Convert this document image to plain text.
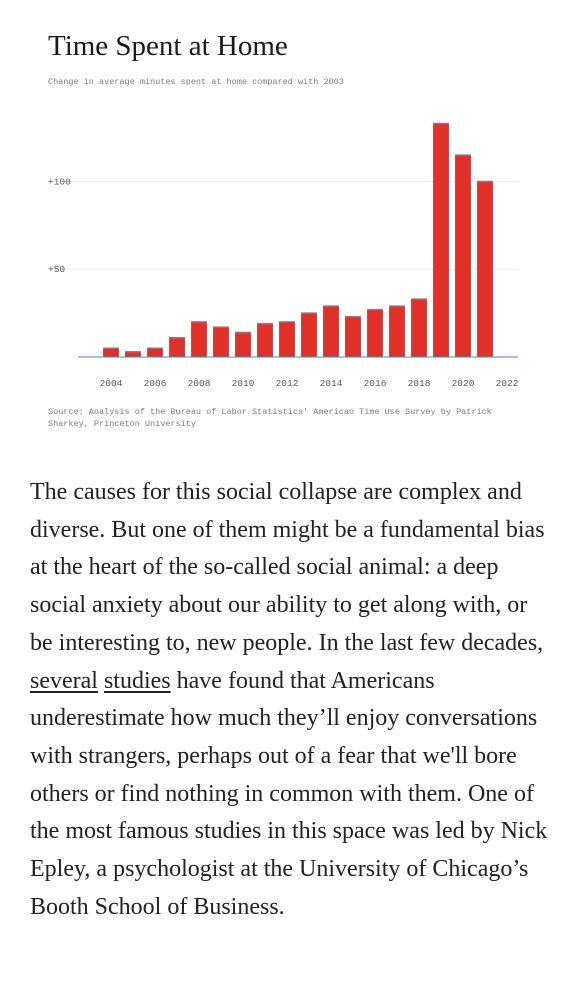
Time Spent at Home
Change in average minutes spent at home compared with 2003
+50
+100
2004 2006 2008 2010 2012 2014 2016 2018 2020 2022
Source: Analysis of the Bureau of Labor Statistics' American Time Use Survey by Patrick Sharkey, Princeton University

The causes for this social collapse are complex and diverse. But one of them might be a fundamental bias at the heart of the so-called social animal: a deep social anxiety about our ability to get along with, or be interesting to, new people. In the last few decades, several studies have found that Americans underestimate how much they’ll enjoy conversations with strangers, perhaps out of a fear that we'll bore others or find nothing in common with them. One of the most famous studies in this space was led by Nick Epley, a psychologist at the University of Chicago’s Booth School of Business.
